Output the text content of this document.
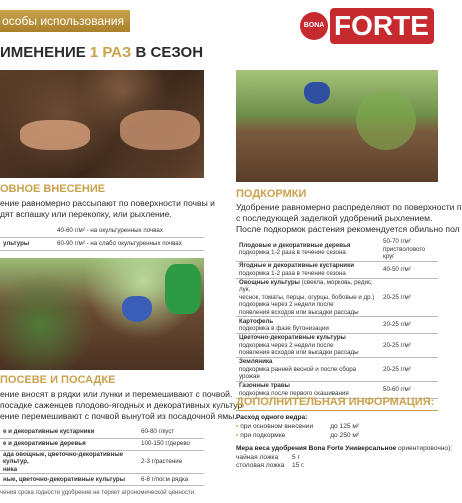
особы использования	BONA FORTE
ИМЕНЕНИЕ 1 РАЗ В СЕЗОН
ОВНОЕ ВНЕСЕНИЕ
ение равномерно рассыпают по поверхности почвы и
дят вспашку или перекопку, или рыхление.
	40-60 г/м² - на окультуренных почвах
ультуры	60-90 г/м² - на слабо окультуренных почвах
ПОСЕВЕ И ПОСАДКЕ
ение вносят в рядки или лунки и перемешивают с почвой.
посадке саженцев плодово-ягодных и декоративных культур
ение перемешивают с почвой вынутой из посадочной ямы.
е и декоративные кустарники	60-80 г/куст
е и декоративные деревья	100-150 г/дерево
ада овощные, цветочно-декоративные культур,
ника	2-3 г/растение
ные, цветочно-декоративные культуры	6-8 г/пог.м рядка
чения срока годности удобрение не теряет агрономической ценности.
ПОДКОРМКИ
Удобрение равномерно распределяют по поверхности п
с последующей заделкой удобрений рыхлением.
После подкормок растения рекомендуется обильно пол
Плодовые и декоративные деревья
подкормка 1-2 раза в течение сезона	50-70 г/м²
пристволового круг
Ягодные и декоративные кустарники
подкормка 1-2 раза в течение сезона	40-50 г/м²
Овощные культуры (свекла, морковь, редис, лук,
чеснок, томаты, перцы, огурцы, бобовые и др.)
подкормка через 2 недели после
появления всходов или высадки рассады	20-25 г/м²
Картофель
подкормка в фазе бутонизации	20-25 г/м²
Цветочно-декоративные культуры
подкормка через 2 недели после
появления всходов или высадки рассады	20-25 г/м²
Земляника
подкормка ранней весной и после сбора урожая	20-25 г/м²
Газонные травы
подкормка после первого скашивания	50-60 г/м²
ДОПОЛНИТЕЛЬНАЯ ИНФОРМАЦИЯ:
Расход одного ведра:
▪ при основном внесении	до 125 м²
▪ при подкормке	до 250 м²
Мера веса удобрения Bona Forte Универсальное ориентировочно):
чайная ложка 5 г
столовая ложка 15 г.
